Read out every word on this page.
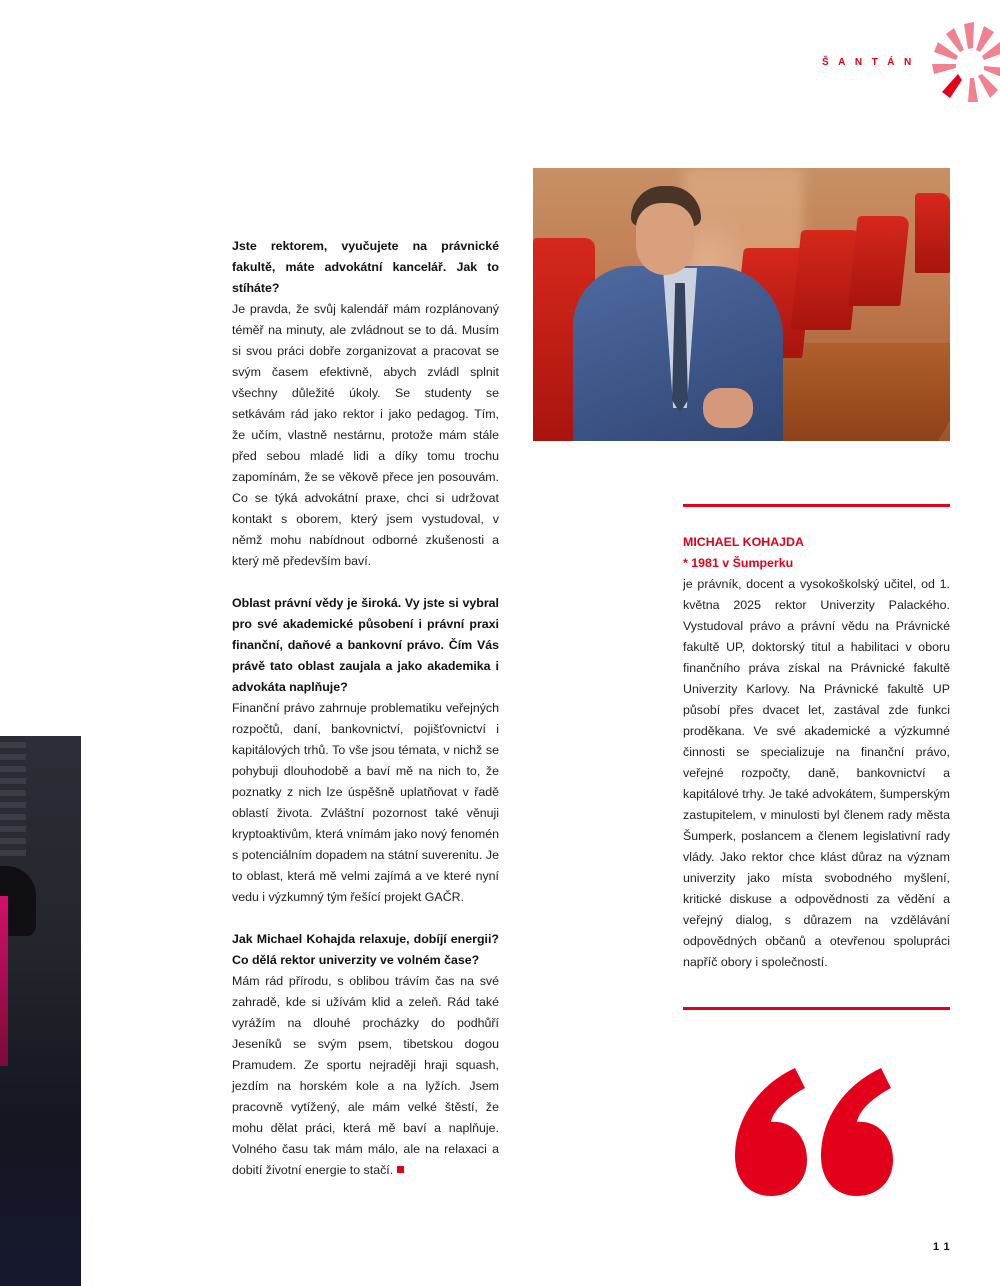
ŠANTÁN

Jste rektorem, vyučujete na právnické fakultě, máte advokátní kancelář. Jak to stíháte?

Je pravda, že svůj kalendář mám rozplánovaný téměř na minuty, ale zvládnout se to dá. Musím si svou práci dobře zorganizovat a pracovat se svým časem efektivně, abych zvládl splnit všechny důležité úkoly. Se studenty se setkávám rád jako rektor i jako pedagog. Tím, že učím, vlastně nestárnu, protože mám stále před sebou mladé lidi a díky tomu trochu zapomínám, že se věkově přece jen posouvám. Co se týká advokátní praxe, chci si udržovat kontakt s oborem, který jsem vystudoval, v němž mohu nabídnout odborné zkušenosti a který mě především baví.

Oblast právní vědy je široká. Vy jste si vybral pro své akademické působení i právní praxi finanční, daňové a bankovní právo. Čím Vás právě tato oblast zaujala a jako akademika i advokáta naplňuje?

Finanční právo zahrnuje problematiku veřejných rozpočtů, daní, bankovnictví, pojišťovnictví i kapitálových trhů. To vše jsou témata, v nichž se pohybuji dlouhodobě a baví mě na nich to, že poznatky z nich lze úspěšně uplatňovat v řadě oblastí života. Zvláštní pozornost také věnuji kryptoaktivům, která vnímám jako nový fenomén s potenciálním dopadem na státní suverenitu. Je to oblast, která mě velmi zajímá a ve které nyní vedu i výzkumný tým řešící projekt GAČR.

Jak Michael Kohajda relaxuje, dobíjí energii? Co dělá rektor univerzity ve volném čase?

Mám rád přírodu, s oblibou trávím čas na své zahradě, kde si užívám klid a zeleň. Rád také vyrážím na dlouhé procházky do podhůří Jeseníků se svým psem, tibetskou dogou Pramudem. Ze sportu nejraději hraji squash, jezdím na horském kole a na lyžích. Jsem pracovně vytížený, ale mám velké štěstí, že mohu dělat práci, která mě baví a naplňuje. Volného času tak mám málo, ale na relaxaci a dobití životní energie to stačí.

MICHAEL KOHAJDA
* 1981 v Šumperku

je právník, docent a vysokoškolský učitel, od 1. května 2025 rektor Univerzity Palackého. Vystudoval právo a právní vědu na Právnické fakultě UP, doktorský titul a habilitaci v oboru finančního práva získal na Právnické fakultě Univerzity Karlovy. Na Právnické fakultě UP působí přes dvacet let, zastával zde funkci proděkana. Ve své akademické a výzkumné činnosti se specializuje na finanční právo, veřejné rozpočty, daně, bankovnictví a kapitálové trhy. Je také advokátem, šumperským zastupitelem, v minulosti byl členem rady města Šumperk, poslancem a členem legislativní rady vlády. Jako rektor chce klást důraz na význam univerzity jako místa svobodného myšlení, kritické diskuse a odpovědnosti za vědění a veřejný dialog, s důrazem na vzdělávání odpovědných občanů a otevřenou spolupráci napříč obory i společností.

11
